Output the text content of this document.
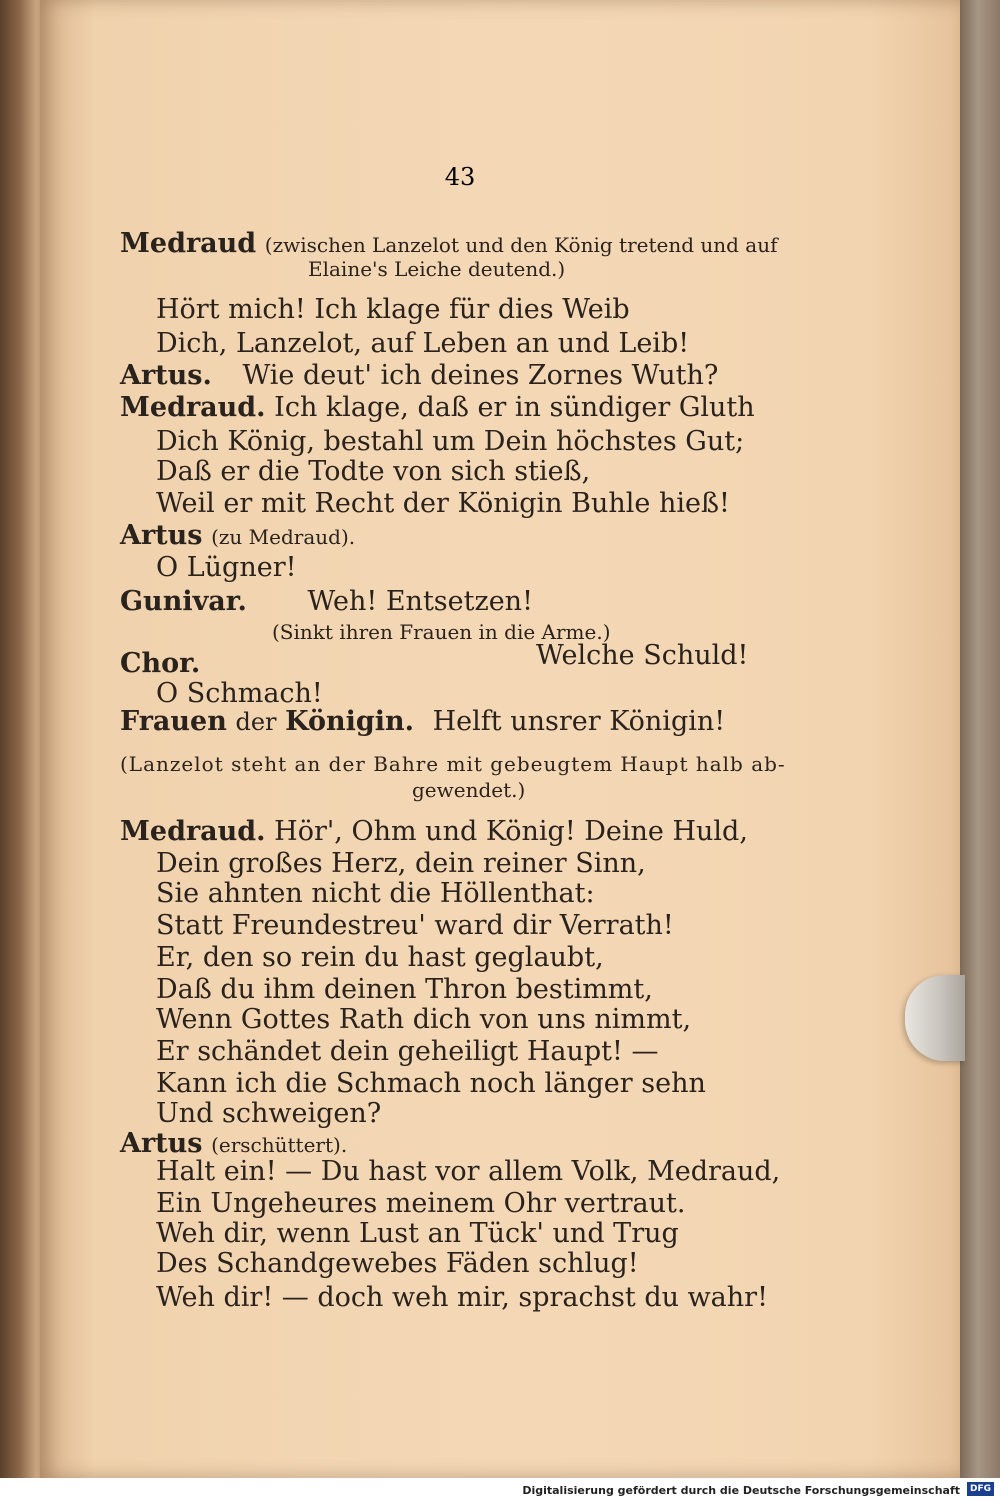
43
Medraud (zwischen Lanzelot und den König tretend und auf
Elaine's Leiche deutend.)
Hört mich! Ich klage für dies Weib
Dich, Lanzelot, auf Leben an und Leib!
Artus. Wie deut' ich deines Zornes Wuth?
Medraud. Ich klage, daß er in sündiger Gluth
Dich König, bestahl um Dein höchstes Gut;
Daß er die Todte von sich stieß,
Weil er mit Recht der Königin Buhle hieß!
Artus (zu Medraud).
O Lügner!
Gunivar. Weh! Entsetzen!
(Sinkt ihren Frauen in die Arme.)
Chor.	Welche Schuld!
O Schmach!
Frauen der Königin. Helft unsrer Königin!
(Lanzelot steht an der Bahre mit gebeugtem Haupt halb ab-
gewendet.)
Medraud. Hör', Ohm und König! Deine Huld,
Dein großes Herz, dein reiner Sinn,
Sie ahnten nicht die Höllenthat:
Statt Freundestreu' ward dir Verrath!
Er, den so rein du hast geglaubt,
Daß du ihm deinen Thron bestimmt,
Wenn Gottes Rath dich von uns nimmt,
Er schändet dein geheiligt Haupt! —
Kann ich die Schmach noch länger sehn
Und schweigen?
Artus (erschüttert).
Halt ein! — Du hast vor allem Volk, Medraud,
Ein Ungeheures meinem Ohr vertraut.
Weh dir, wenn Lust an Tück' und Trug
Des Schandgewebes Fäden schlug!
Weh dir! — doch weh mir, sprachst du wahr!
Digitalisierung gefördert durch die Deutsche Forschungsgemeinschaft	DFG
